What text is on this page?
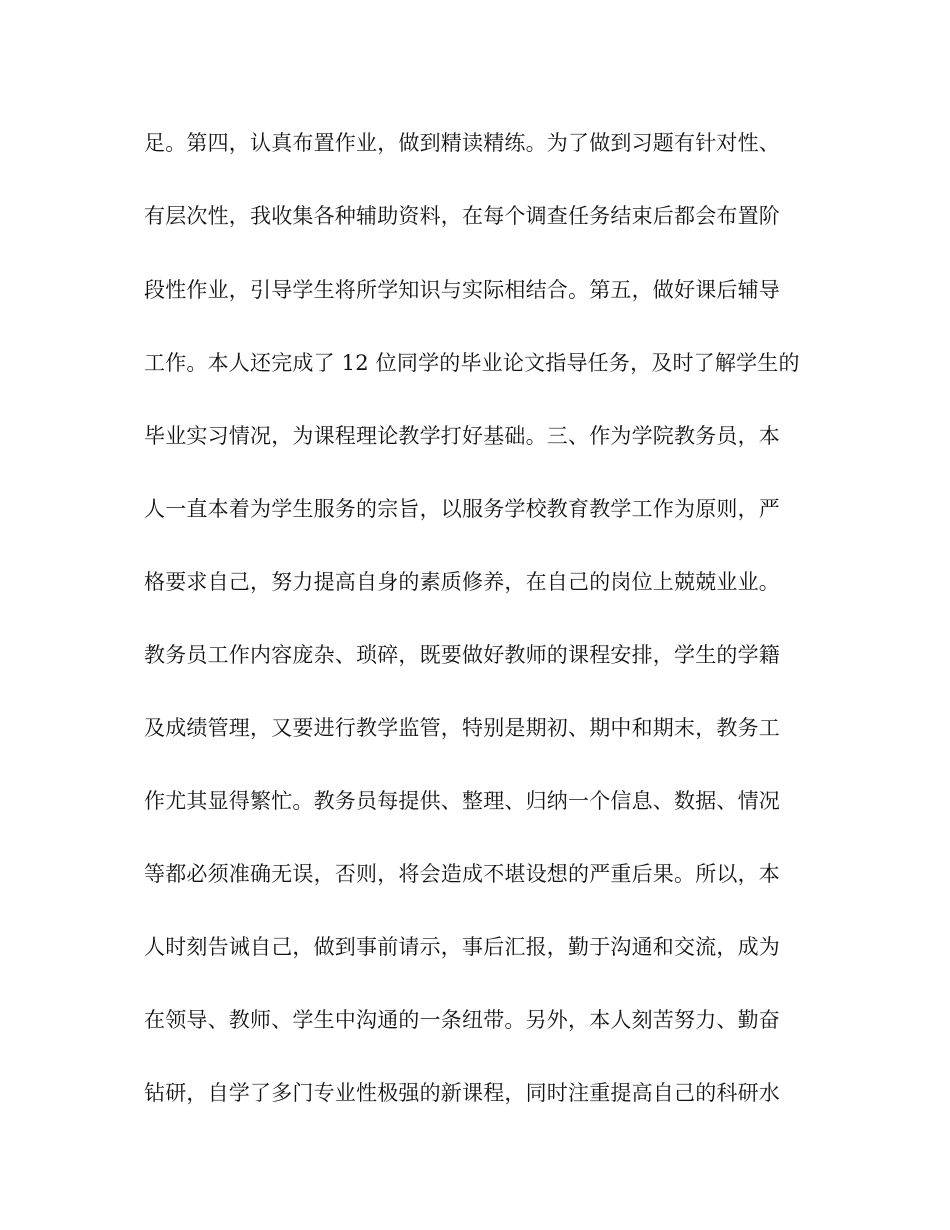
足。第四，认真布置作业，做到精读精练。为了做到习题有针对性、
有层次性，我收集各种辅助资料，在每个调查任务结束后都会布置阶
段性作业，引导学生将所学知识与实际相结合。第五，做好课后辅导
工作。本人还完成了 12 位同学的毕业论文指导任务，及时了解学生的
毕业实习情况，为课程理论教学打好基础。三、作为学院教务员，本
人一直本着为学生服务的宗旨，以服务学校教育教学工作为原则，严
格要求自己，努力提高自身的素质修养，在自己的岗位上兢兢业业。
教务员工作内容庞杂、琐碎，既要做好教师的课程安排，学生的学籍
及成绩管理，又要进行教学监管，特别是期初、期中和期末，教务工
作尤其显得繁忙。教务员每提供、整理、归纳一个信息、数据、情况
等都必须准确无误，否则，将会造成不堪设想的严重后果。所以，本
人时刻告诫自己，做到事前请示，事后汇报，勤于沟通和交流，成为
在领导、教师、学生中沟通的一条纽带。另外，本人刻苦努力、勤奋
钻研，自学了多门专业性极强的新课程，同时注重提高自己的科研水
